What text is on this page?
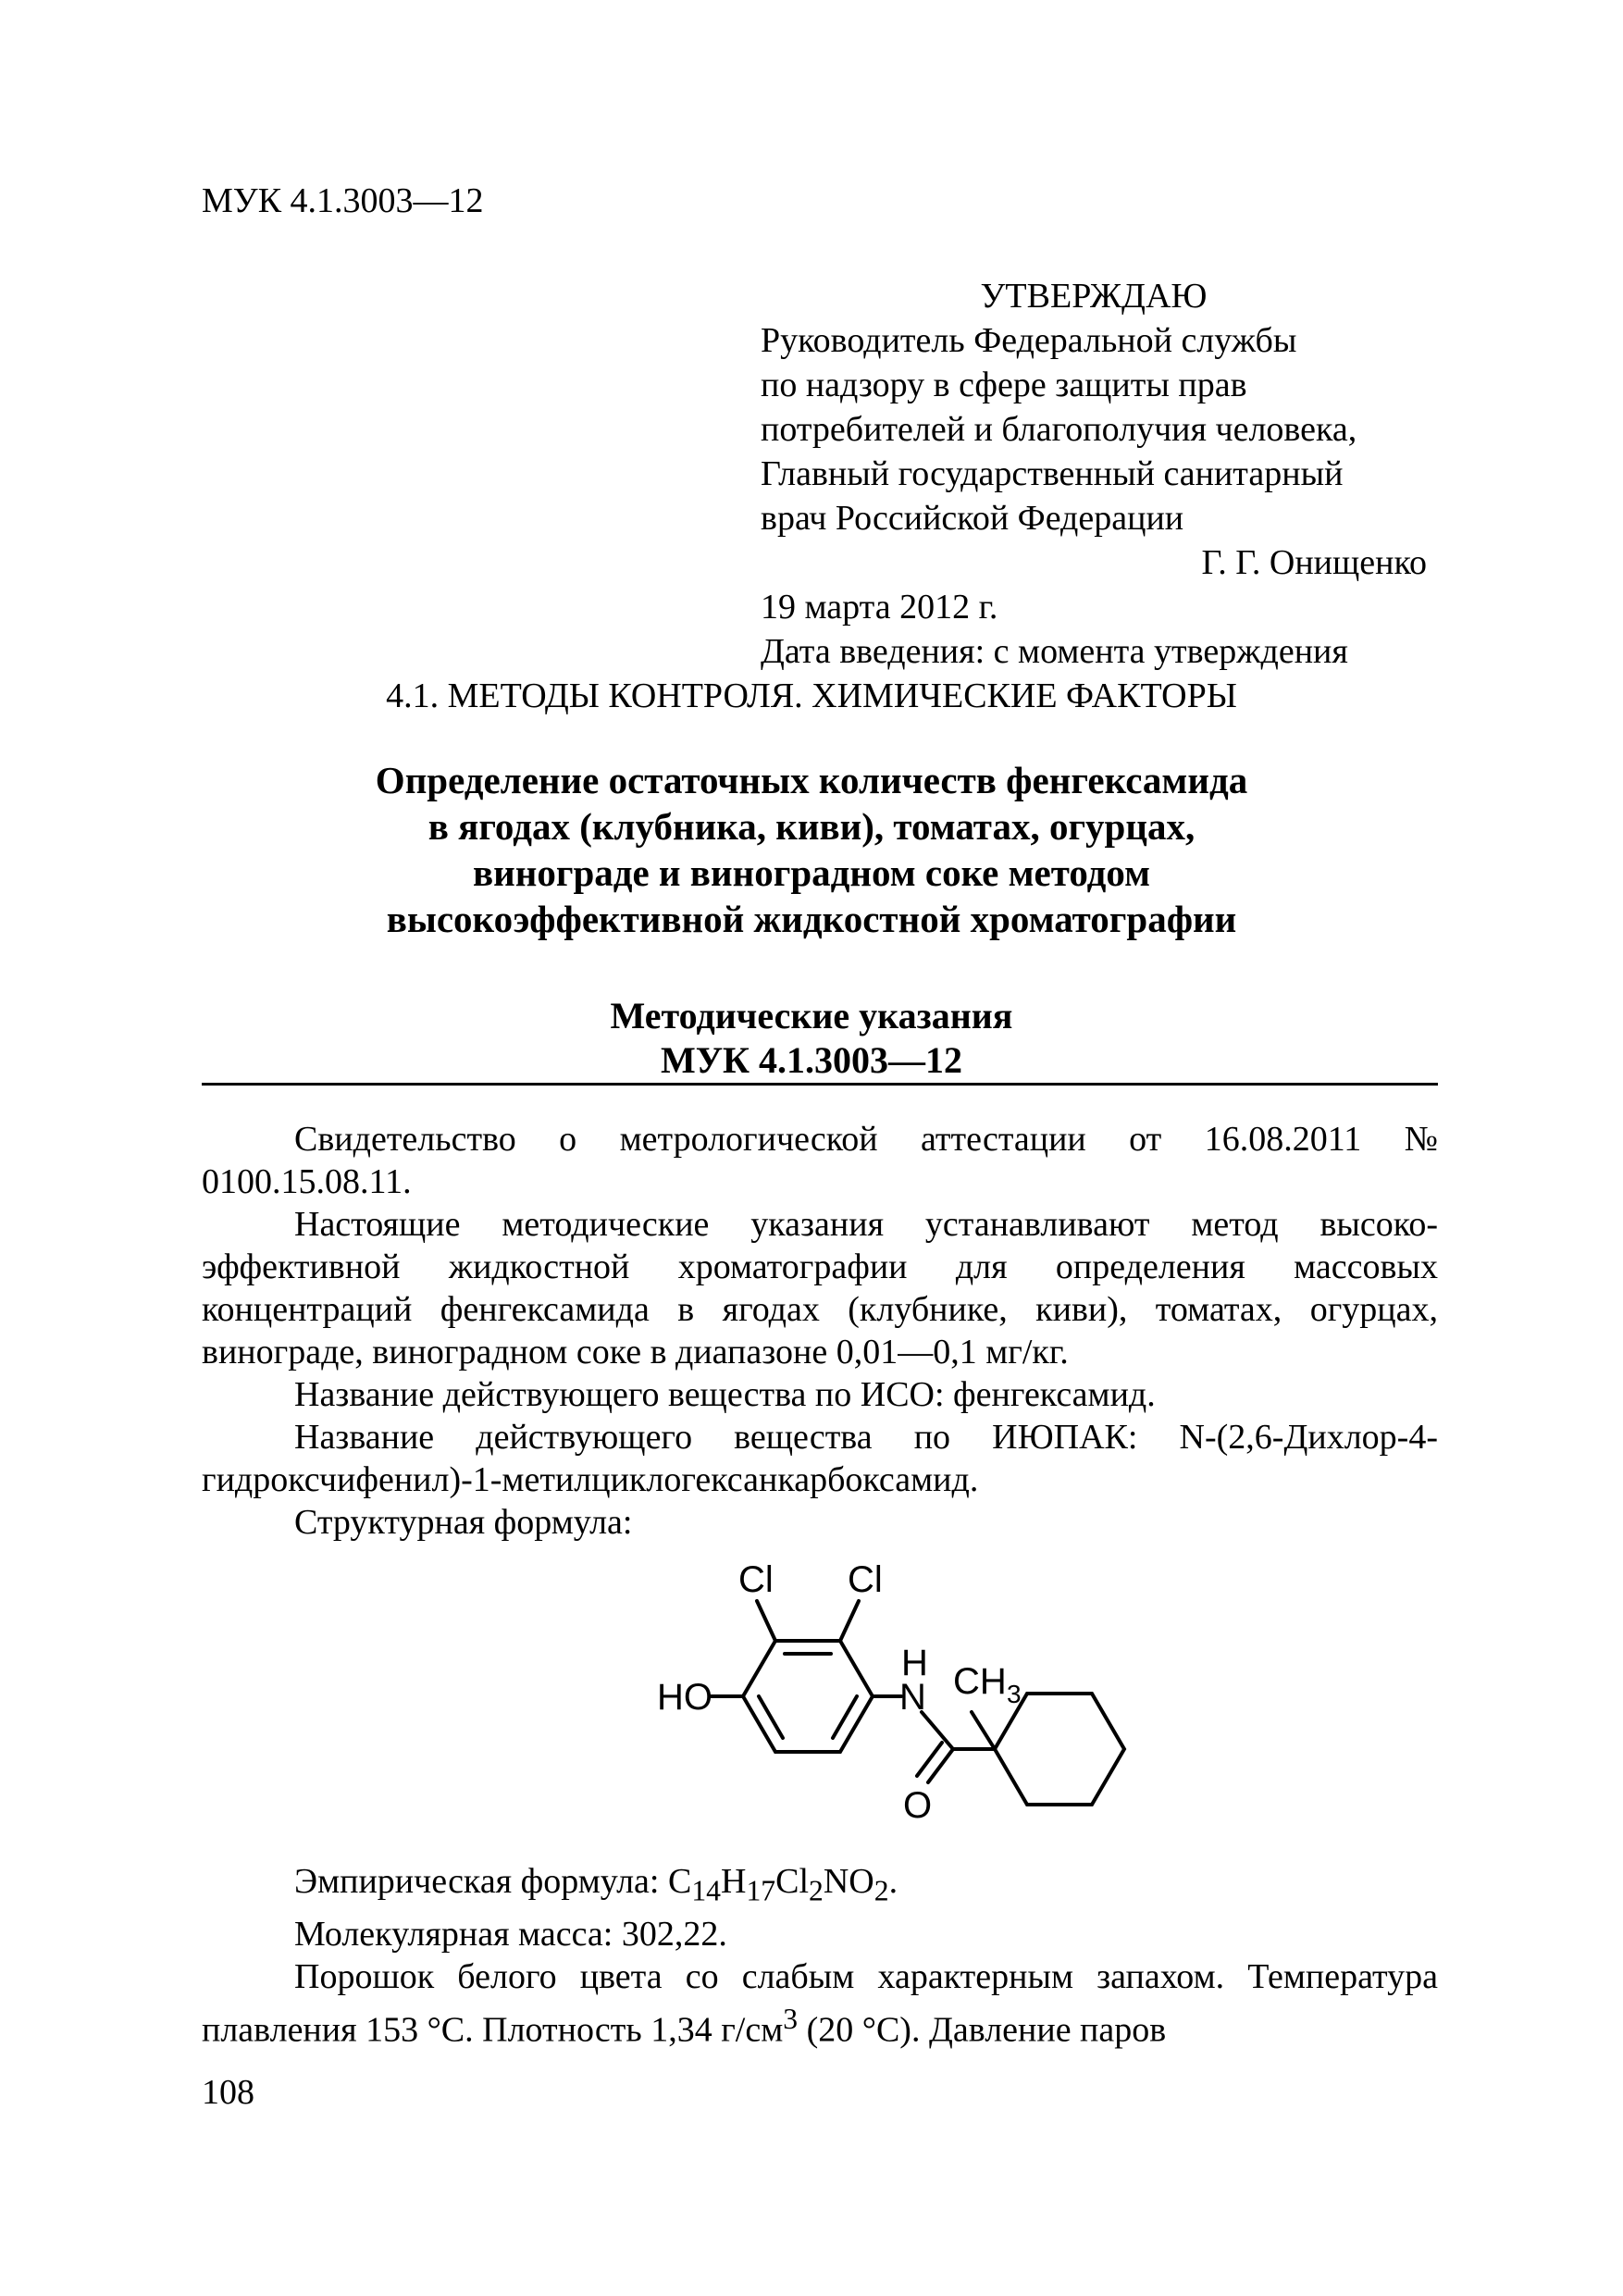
МУК 4.1.3003—12
УТВЕРЖДАЮ
Руководитель Федеральной службы
по надзору в сфере защиты прав
потребителей и благополучия человека,
Главный государственный санитарный
врач Российской Федерации
Г. Г. Онищенко
19 марта 2012 г.
Дата введения: с момента утверждения
4.1. МЕТОДЫ КОНТРОЛЯ. ХИМИЧЕСКИЕ ФАКТОРЫ
Определение остаточных количеств фенгексамида
в ягодах (клубника, киви), томатах, огурцах,
винограде и виноградном соке методом
высокоэффективной жидкостной хроматографии
Методические указания
МУК 4.1.3003—12

Свидетельство о метрологической аттестации от 16.08.2011 № 0100.15.08.11.

Настоящие методические указания устанавливают метод высокоэффективной жидкостной хроматографии для определения массовых концентраций фенгексамида в ягодах (клубнике, киви), томатах, огурцах, винограде, виноградном соке в диапазоне 0,01—0,1 мг/кг.

Название действующего вещества по ИСО: фенгексамид.

Название действующего вещества по ИЮПАК: N-(2,6-Дихлор-4-гидроксчифенил)-1-метилциклогексанкарбоксамид.

Структурная формула:

Cl Cl
HO
H
N CH 3
O

Эмпирическая формула: $C_{14}H_{17}Cl_2NO_2$.

Молекулярная масса: 302,22.

Порошок белого цвета со слабым характерным запахом. Температура плавления 153 °С. Плотность 1,34 $г/см^3$ (20 °С). Давление паров

108
